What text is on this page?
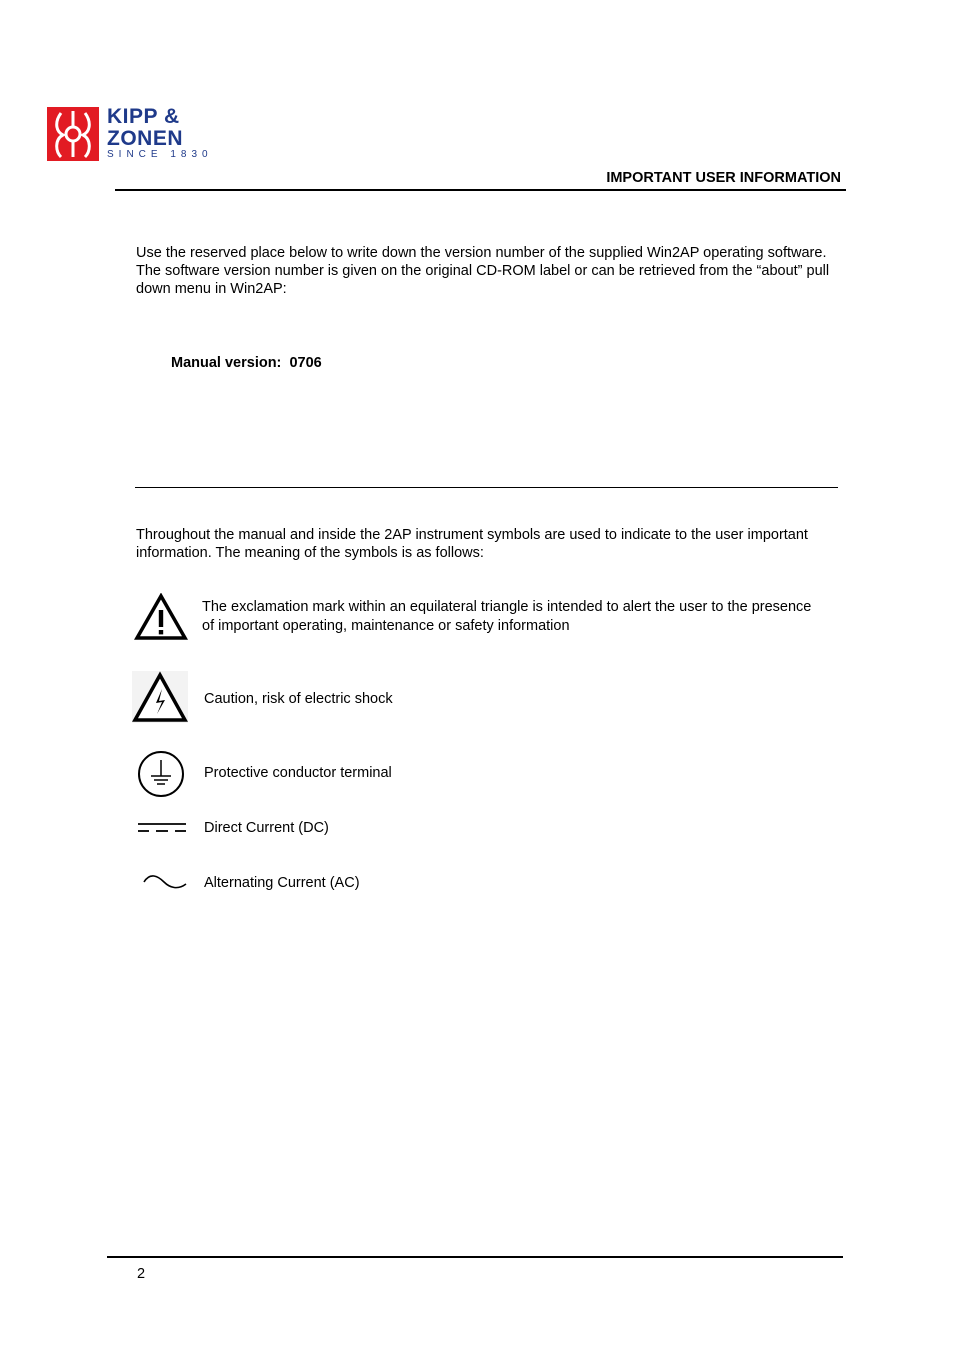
KIPP &
ZONEN
SINCE 1830
IMPORTANT USER INFORMATION
Use the reserved place below to write down the version number of the supplied Win2AP operating software. The software version number is given on the original CD-ROM label or can be retrieved from the “about” pull down menu in Win2AP:
Manual version:  0706
Throughout the manual and inside the 2AP instrument symbols are used to indicate to the user important information. The meaning of the symbols is as follows:
The exclamation mark within an equilateral triangle is intended to alert the user to the presence of important operating, maintenance or safety information
Caution, risk of electric shock
Protective conductor terminal
Direct Current (DC)
Alternating Current (AC)
2
